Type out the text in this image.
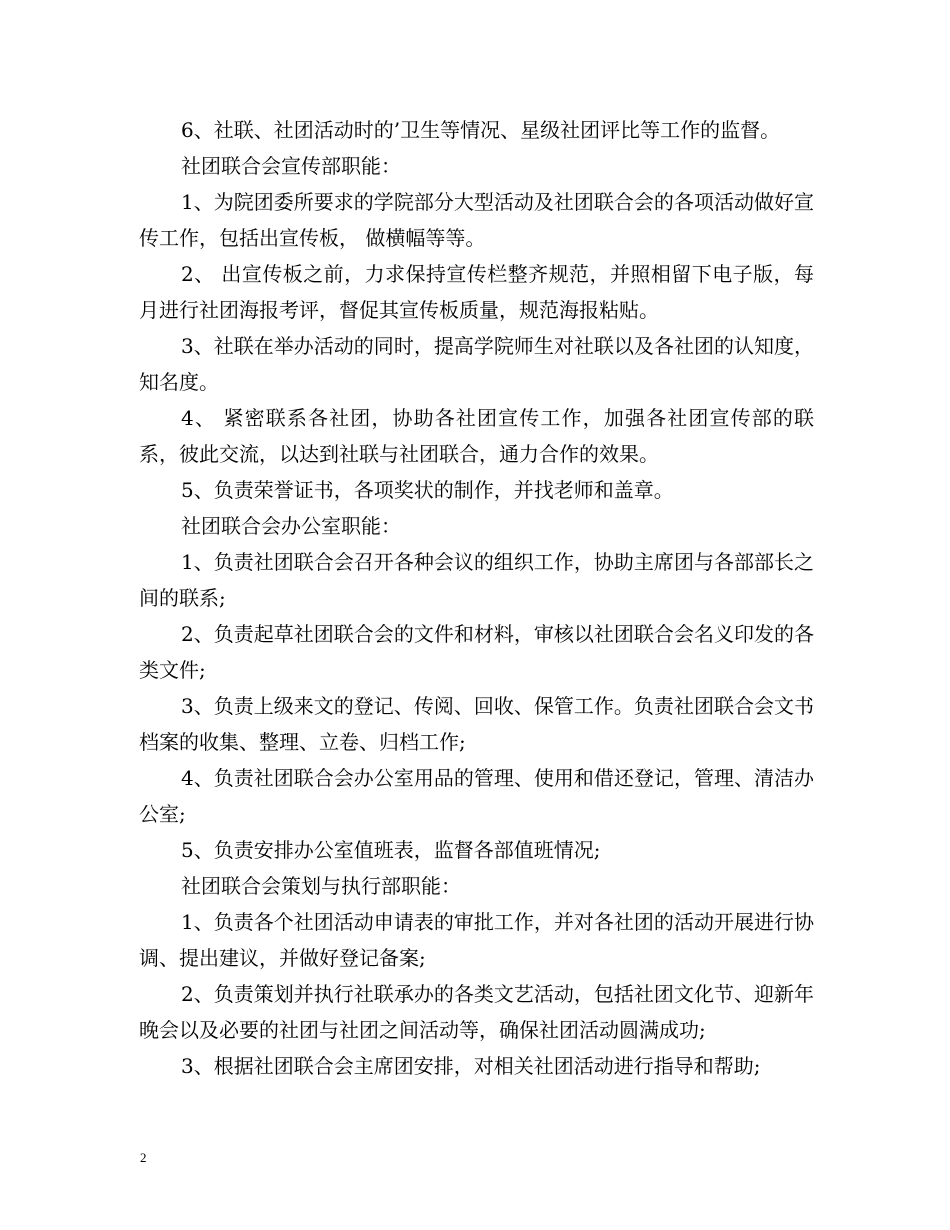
6、社联、社团活动时的’卫生等情况、星级社团评比等工作的监督。

社团联合会宣传部职能：

1、为院团委所要求的学院部分大型活动及社团联合会的各项活动做好宣传工作，包括出宣传板， 做横幅等等。

2、 出宣传板之前，力求保持宣传栏整齐规范，并照相留下电子版，每月进行社团海报考评，督促其宣传板质量，规范海报粘贴。

3、社联在举办活动的同时，提高学院师生对社联以及各社团的认知度，知名度。

4、 紧密联系各社团，协助各社团宣传工作，加强各社团宣传部的联系，彼此交流，以达到社联与社团联合，通力合作的效果。

5、负责荣誉证书，各项奖状的制作，并找老师和盖章。

社团联合会办公室职能：

1、负责社团联合会召开各种会议的组织工作，协助主席团与各部部长之间的联系;

2、负责起草社团联合会的文件和材料，审核以社团联合会名义印发的各类文件;

3、负责上级来文的登记、传阅、回收、保管工作。负责社团联合会文书档案的收集、整理、立卷、归档工作;

4、负责社团联合会办公室用品的管理、使用和借还登记，管理、清洁办公室;

5、负责安排办公室值班表，监督各部值班情况;

社团联合会策划与执行部职能：

1、负责各个社团活动申请表的审批工作，并对各社团的活动开展进行协调、提出建议，并做好登记备案;

2、负责策划并执行社联承办的各类文艺活动，包括社团文化节、迎新年晚会以及必要的社团与社团之间活动等，确保社团活动圆满成功;

3、根据社团联合会主席团安排，对相关社团活动进行指导和帮助;

2
